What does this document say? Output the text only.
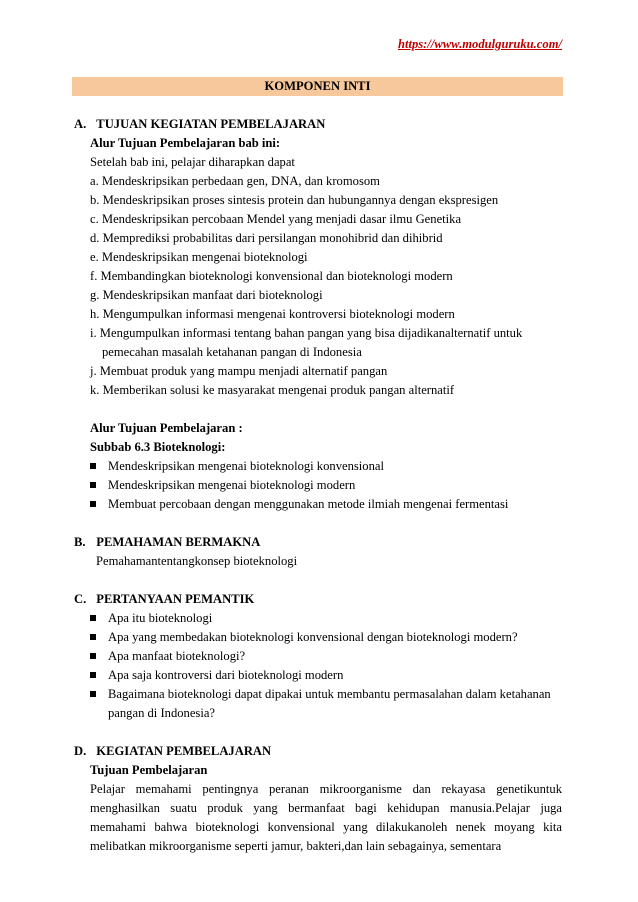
https://www.modulguruku.com/
KOMPONEN INTI
A. TUJUAN KEGIATAN PEMBELAJARAN
Alur Tujuan Pembelajaran bab ini:
Setelah bab ini, pelajar diharapkan dapat
a. Mendeskripsikan perbedaan gen, DNA, dan kromosom
b. Mendeskripsikan proses sintesis protein dan hubungannya dengan ekspresigen
c. Mendeskripsikan percobaan Mendel yang menjadi dasar ilmu Genetika
d. Memprediksi probabilitas dari persilangan monohibrid dan dihibrid
e. Mendeskripsikan mengenai bioteknologi
f. Membandingkan bioteknologi konvensional dan bioteknologi modern
g. Mendeskripsikan manfaat dari bioteknologi
h. Mengumpulkan informasi mengenai kontroversi bioteknologi modern
i. Mengumpulkan informasi tentang bahan pangan yang bisa dijadikanalternatif untuk pemecahan masalah ketahanan pangan di Indonesia
j. Membuat produk yang mampu menjadi alternatif pangan
k. Memberikan solusi ke masyarakat mengenai produk pangan alternatif
Alur Tujuan Pembelajaran :
Subbab 6.3 Bioteknologi:
Mendeskripsikan mengenai bioteknologi konvensional
Mendeskripsikan mengenai bioteknologi modern
Membuat percobaan dengan menggunakan metode ilmiah mengenai fermentasi
B. PEMAHAMAN BERMAKNA
Pemahamantentangkonsep bioteknologi
C. PERTANYAAN PEMANTIK
Apa itu bioteknologi
Apa yang membedakan bioteknologi konvensional dengan bioteknologi modern?
Apa manfaat bioteknologi?
Apa saja kontroversi dari bioteknologi modern
Bagaimana bioteknologi dapat dipakai untuk membantu permasalahan dalam ketahanan pangan di Indonesia?
D. KEGIATAN PEMBELAJARAN
Tujuan Pembelajaran
Pelajar memahami pentingnya peranan mikroorganisme dan rekayasa genetikuntuk menghasilkan suatu produk yang bermanfaat bagi kehidupan manusia.Pelajar juga memahami bahwa bioteknologi konvensional yang dilakukanoleh nenek moyang kita melibatkan mikroorganisme seperti jamur, bakteri,dan lain sebagainya, sementara
